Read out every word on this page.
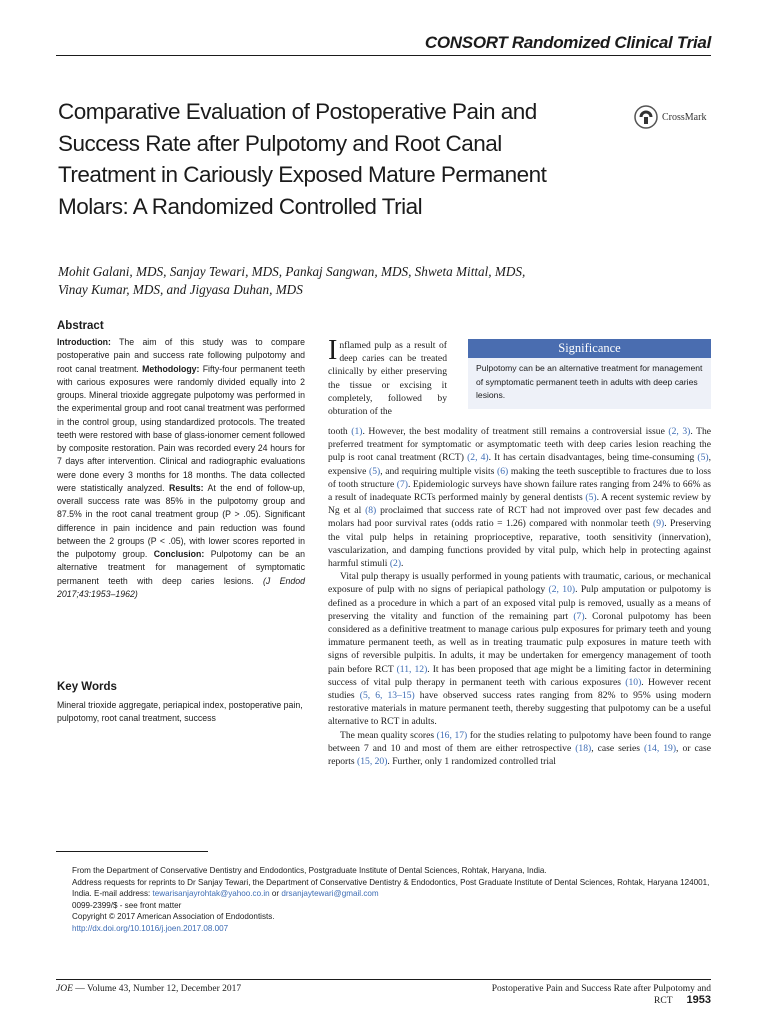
CONSORT Randomized Clinical Trial
Comparative Evaluation of Postoperative Pain and Success Rate after Pulpotomy and Root Canal Treatment in Cariously Exposed Mature Permanent Molars: A Randomized Controlled Trial
CrossMark
Mohit Galani, MDS, Sanjay Tewari, MDS, Pankaj Sangwan, MDS, Shweta Mittal, MDS,
Vinay Kumar, MDS, and Jigyasa Duhan, MDS
Abstract

Introduction: The aim of this study was to compare postoperative pain and success rate following pulpotomy and root canal treatment. Methodology: Fifty-four permanent teeth with carious exposures were randomly divided equally into 2 groups. Mineral trioxide aggregate pulpotomy was performed in the experimental group and root canal treatment was performed in the control group, using standardized protocols. The treated teeth were restored with base of glass-ionomer cement followed by composite restoration. Pain was recorded every 24 hours for 7 days after intervention. Clinical and radiographic evaluations were done every 3 months for 18 months. The data collected were statistically analyzed. Results: At the end of follow-up, overall success rate was 85% in the pulpotomy group and 87.5% in the root canal treatment group (P > .05). Significant difference in pain incidence and pain reduction was found between the 2 groups (P < .05), with lower scores reported in the pulpotomy group. Conclusion: Pulpotomy can be an alternative treatment for management of symptomatic permanent teeth with deep caries lesions. (J Endod 2017;43:1953–1962)

Key Words

Mineral trioxide aggregate, periapical index, postoperative pain, pulpotomy, root canal treatment, success

Significance

Pulpotomy can be an alternative treatment for management of symptomatic permanent teeth in adults with deep caries lesions.

Inflamed pulp as a result of deep caries can be treated clinically by either preserving the tissue or excising it completely, followed by obturation of the

tooth (1). However, the best modality of treatment still remains a controversial issue (2, 3). The preferred treatment for symptomatic or asymptomatic teeth with deep caries lesion reaching the pulp is root canal treatment (RCT) (2, 4). It has certain disadvantages, being time-consuming (5), expensive (5), and requiring multiple visits (6) making the teeth susceptible to fractures due to loss of tooth structure (7). Epidemiologic surveys have shown failure rates ranging from 24% to 66% as a result of inadequate RCTs performed mainly by general dentists (5). A recent systemic review by Ng et al (8) proclaimed that success rate of RCT had not improved over past few decades and molars had poor survival rates (odds ratio = 1.26) compared with nonmolar teeth (9). Preserving the vital pulp helps in retaining proprioceptive, reparative, tooth sensitivity (innervation), vascularization, and damping functions provided by vital pulp, which help in protecting against harmful stimuli (2).

Vital pulp therapy is usually performed in young patients with traumatic, carious, or mechanical exposure of pulp with no signs of periapical pathology (2, 10). Pulp amputation or pulpotomy is defined as a procedure in which a part of an exposed vital pulp is removed, usually as a means of preserving the vitality and function of the remaining part (7). Coronal pulpotomy has been considered as a definitive treatment to manage carious pulp exposures for primary teeth and young immature permanent teeth, as well as in treating traumatic pulp exposures in mature teeth with signs of reversible pulpitis. In adults, it may be undertaken for emergency management of tooth pain before RCT (11, 12). It has been proposed that age might be a limiting factor in determining success of vital pulp therapy in permanent teeth with carious exposures (10). However recent studies (5, 6, 13–15) have observed success rates ranging from 82% to 95% using modern restorative materials in mature permanent teeth, thereby suggesting that pulpotomy can be a useful alternative to RCT in adults.

The mean quality scores (16, 17) for the studies relating to pulpotomy have been found to range between 7 and 10 and most of them are either retrospective (18), case series (14, 19), or case reports (15, 20). Further, only 1 randomized controlled trial

From the Department of Conservative Dentistry and Endodontics, Postgraduate Institute of Dental Sciences, Rohtak, Haryana, India.
Address requests for reprints to Dr Sanjay Tewari, the Department of Conservative Dentistry & Endodontics, Post Graduate Institute of Dental Sciences, Rohtak, Haryana 124001, India. E-mail address: tewarisanjayrohtak@yahoo.co.in or drsanjaytewari@gmail.com
0099-2399/$ - see front matter
Copyright © 2017 American Association of Endodontists.
http://dx.doi.org/10.1016/j.joen.2017.08.007
JOE — Volume 43, Number 12, December 2017	Postoperative Pain and Success Rate after Pulpotomy and RCT 1953
